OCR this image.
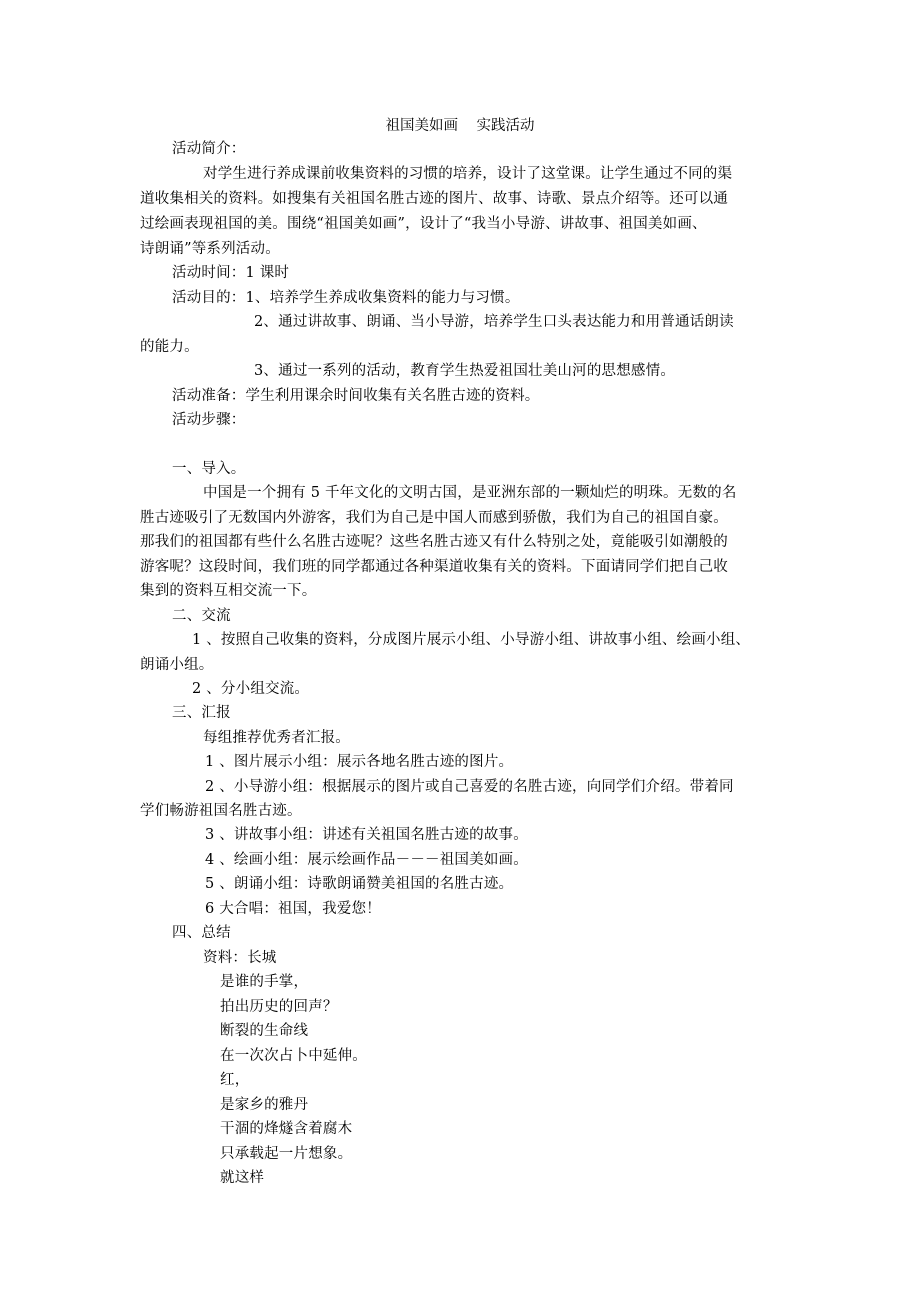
祖国美如画    实践活动
活动简介：
对学生进行养成课前收集资料的习惯的培养，设计了这堂课。让学生通过不同的渠
道收集相关的资料。如搜集有关祖国名胜古迹的图片、故事、诗歌、景点介绍等。还可以通
过绘画表现祖国的美。围绕“祖国美如画”，设计了“我当小导游、讲故事、祖国美如画、
诗朗诵”等系列活动。
活动时间：1 课时
活动目的：1、培养学生养成收集资料的能力与习惯。
2、通过讲故事、朗诵、当小导游，培养学生口头表达能力和用普通话朗读
的能力。
3、通过一系列的活动，教育学生热爱祖国壮美山河的思想感情。
活动准备：学生利用课余时间收集有关名胜古迹的资料。
活动步骤：
一、导入。
中国是一个拥有 5 千年文化的文明古国，是亚洲东部的一颗灿烂的明珠。无数的名
胜古迹吸引了无数国内外游客，我们为自己是中国人而感到骄傲，我们为自己的祖国自豪。
那我们的祖国都有些什么名胜古迹呢？这些名胜古迹又有什么特别之处，竟能吸引如潮般的
游客呢？这段时间，我们班的同学都通过各种渠道收集有关的资料。下面请同学们把自己收
集到的资料互相交流一下。
二、交流
1 、按照自己收集的资料，分成图片展示小组、小导游小组、讲故事小组、绘画小组、
朗诵小组。
2 、分小组交流。
三、汇报
每组推荐优秀者汇报。
1 、图片展示小组：展示各地名胜古迹的图片。
2 、小导游小组：根据展示的图片或自己喜爱的名胜古迹，向同学们介绍。带着同
学们畅游祖国名胜古迹。
3 、讲故事小组：讲述有关祖国名胜古迹的故事。
4 、绘画小组：展示绘画作品－－－祖国美如画。
5 、朗诵小组：诗歌朗诵赞美祖国的名胜古迹。
6 大合唱：祖国，我爱您！
四、总结
资料：长城
是谁的手掌，
拍出历史的回声？
断裂的生命线
在一次次占卜中延伸。
红，
是家乡的雅丹
干涸的烽燧含着腐木
只承载起一片想象。
就这样
